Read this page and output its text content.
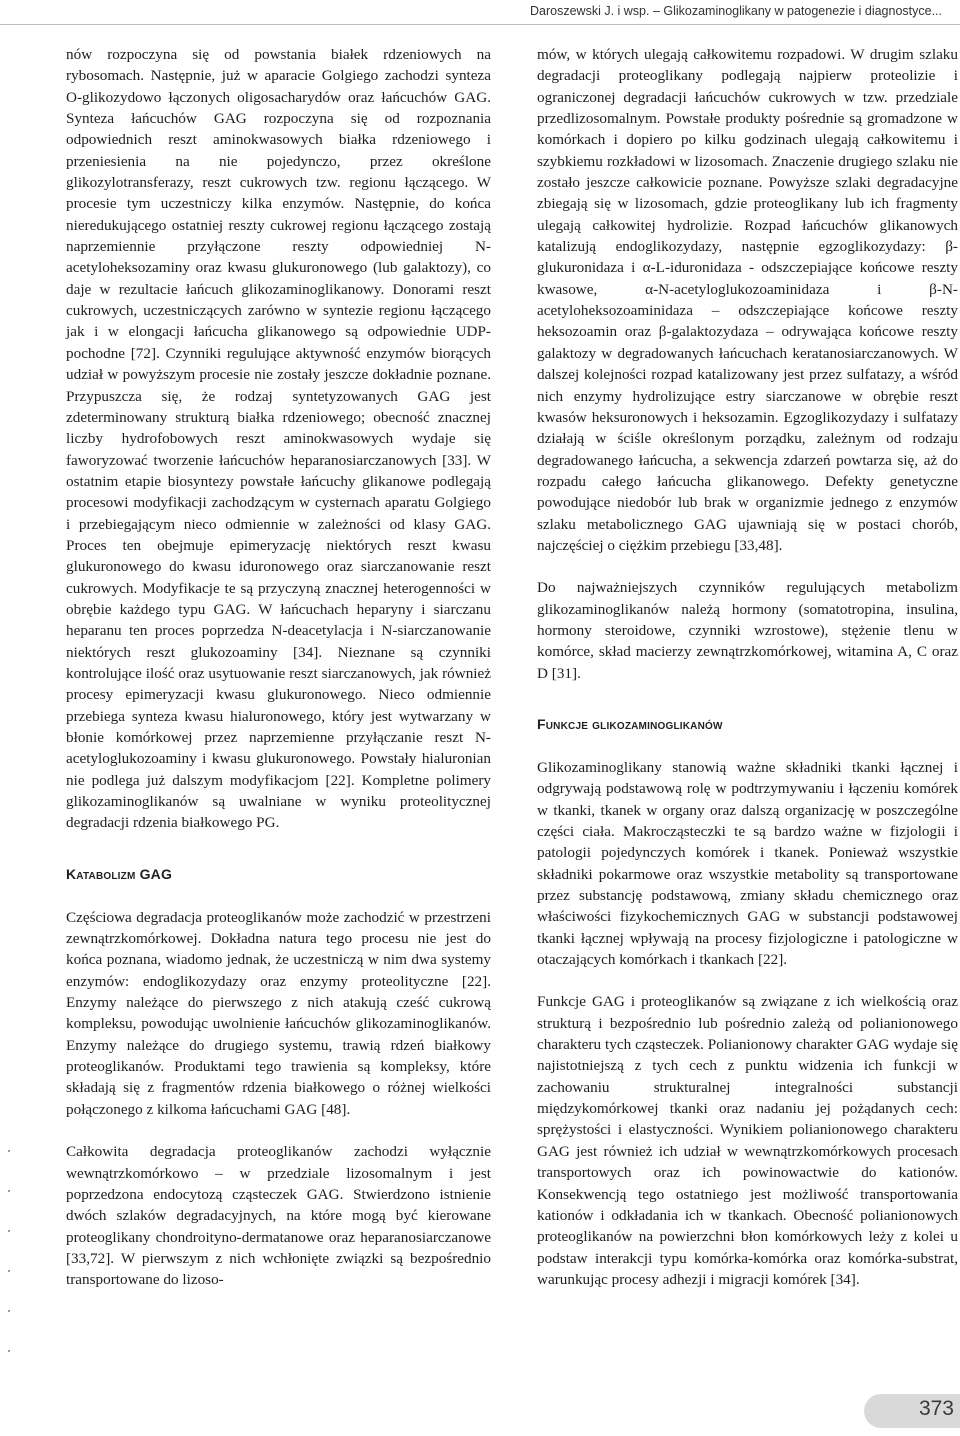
Daroszewski J. i wsp. – Glikozaminoglikany w patogenezie i diagnostyce...

nów rozpoczyna się od powstania białek rdzeniowych na rybosomach. Następnie, już w aparacie Golgiego zachodzi synteza O-glikozydowo łączonych oligosacharydów oraz łańcuchów GAG. Synteza łańcuchów GAG rozpoczyna się od rozpoznania odpowiednich reszt aminokwasowych białka rdzeniowego i przeniesienia na nie pojedynczo, przez określone glikozylotransferazy, reszt cukrowych tzw. regionu łączącego. W procesie tym uczestniczy kilka enzymów. Następnie, do końca nieredukującego ostatniej reszty cukrowej regionu łączącego zostają naprzemiennie przyłączone reszty odpowiedniej N-acetyloheksozaminy oraz kwasu glukuronowego (lub galaktozy), co daje w rezultacie łańcuch glikozaminoglikanowy. Donorami reszt cukrowych, uczestniczących zarówno w syntezie regionu łączącego jak i w elongacji łańcucha glikanowego są odpowiednie UDP-pochodne [72]. Czynniki regulujące aktywność enzymów biorących udział w powyższym procesie nie zostały jeszcze dokładnie poznane. Przypuszcza się, że rodzaj syntetyzowanych GAG jest zdeterminowany strukturą białka rdzeniowego; obecność znacznej liczby hydrofobowych reszt aminokwasowych wydaje się faworyzować tworzenie łańcuchów heparanosiarczanowych [33]. W ostatnim etapie biosyntezy powstałe łańcuchy glikanowe podlegają procesowi modyfikacji zachodzącym w cysternach aparatu Golgiego i przebiegającym nieco odmiennie w zależności od klasy GAG. Proces ten obejmuje epimeryzację niektórych reszt kwasu glukuronowego do kwasu iduronowego oraz siarczanowanie reszt cukrowych. Modyfikacje te są przyczyną znacznej heterogenności w obrębie każdego typu GAG. W łańcuchach heparyny i siarczanu heparanu ten proces poprzedza N-deacetylacja i N-siarczanowanie niektórych reszt glukozoaminy [34]. Nieznane są czynniki kontrolujące ilość oraz usytuowanie reszt siarczanowych, jak również procesy epimeryzacji kwasu glukuronowego. Nieco odmiennie przebiega synteza kwasu hialuronowego, który jest wytwarzany w błonie komórkowej przez naprzemienne przyłączanie reszt N-acetyloglukozoaminy i kwasu glukuronowego. Powstały hialuronian nie podlega już dalszym modyfikacjom [22]. Kompletne polimery glikozaminoglikanów są uwalniane w wyniku proteolitycznej degradacji rdzenia białkowego PG.

Katabolizm GAG

Częściowa degradacja proteoglikanów może zachodzić w przestrzeni zewnątrzkomórkowej. Dokładna natura tego procesu nie jest do końca poznana, wiadomo jednak, że uczestniczą w nim dwa systemy enzymów: endoglikozydazy oraz enzymy proteolityczne [22]. Enzymy należące do pierwszego z nich atakują cześć cukrową kompleksu, powodując uwolnienie łańcuchów glikozaminoglikanów. Enzymy należące do drugiego systemu, trawią rdzeń białkowy proteoglikanów. Produktami tego trawienia są kompleksy, które składają się z fragmentów rdzenia białkowego o różnej wielkości połączonego z kilkoma łańcuchami GAG [48].

Całkowita degradacja proteoglikanów zachodzi wyłącznie wewnątrzkomórkowo – w przedziale lizosomalnym i jest poprzedzona endocytozą cząsteczek GAG. Stwierdzono istnienie dwóch szlaków degradacyjnych, na które mogą być kierowane proteoglikany chondroityno-dermatanowe oraz heparanosiarczanowe [33,72]. W pierwszym z nich wchłonięte związki są bezpośrednio transportowane do lizoso-

mów, w których ulegają całkowitemu rozpadowi. W drugim szlaku degradacji proteoglikany podlegają najpierw proteolizie i ograniczonej degradacji łańcuchów cukrowych w tzw. przedziale przedlizosomalnym. Powstałe produkty pośrednie są gromadzone w komórkach i dopiero po kilku godzinach ulegają całkowitemu i szybkiemu rozkładowi w lizosomach. Znaczenie drugiego szlaku nie zostało jeszcze całkowicie poznane. Powyższe szlaki degradacyjne zbiegają się w lizosomach, gdzie proteoglikany lub ich fragmenty ulegają całkowitej hydrolizie. Rozpad łańcuchów glikanowych katalizują endoglikozydazy, następnie egzoglikozydazy: β-glukuronidaza i α-L-iduronidaza - odszczepiające końcowe reszty kwasowe, α-N-acetyloglukozoaminidaza i β-N-acetyloheksozoaminidaza – odszczepiające końcowe reszty heksozoamin oraz β-galaktozydaza – odrywająca końcowe reszty galaktozy w degradowanych łańcuchach keratanosiarczanowych. W dalszej kolejności rozpad katalizowany jest przez sulfatazy, a wśród nich enzymy hydrolizujące estry siarczanowe w obrębie reszt kwasów heksuronowych i heksozamin. Egzoglikozydazy i sulfatazy działają w ściśle określonym porządku, zależnym od rodzaju degradowanego łańcucha, a sekwencja zdarzeń powtarza się, aż do rozpadu całego łańcucha glikanowego. Defekty genetyczne powodujące niedobór lub brak w organizmie jednego z enzymów szlaku metabolicznego GAG ujawniają się w postaci chorób, najczęściej o ciężkim przebiegu [33,48].

Do najważniejszych czynników regulujących metabolizm glikozaminoglikanów należą hormony (somatotropina, insulina, hormony steroidowe, czynniki wzrostowe), stężenie tlenu w komórce, skład macierzy zewnątrzkomórkowej, witamina A, C oraz D [31].

Funkcje glikozaminoglikanów

Glikozaminoglikany stanowią ważne składniki tkanki łącznej i odgrywają podstawową rolę w podtrzymywaniu i łączeniu komórek w tkanki, tkanek w organy oraz dalszą organizację w poszczególne części ciała. Makrocząsteczki te są bardzo ważne w fizjologii i patologii pojedynczych komórek i tkanek. Ponieważ wszystkie składniki pokarmowe oraz wszystkie metabolity są transportowane przez substancję podstawową, zmiany składu chemicznego oraz właściwości fizykochemicznych GAG w substancji podstawowej tkanki łącznej wpływają na procesy fizjologiczne i patologiczne w otaczających komórkach i tkankach [22].

Funkcje GAG i proteoglikanów są związane z ich wielkością oraz strukturą i bezpośrednio lub pośrednio zależą od polianionowego charakteru tych cząsteczek. Polianionowy charakter GAG wydaje się najistotniejszą z tych cech z punktu widzenia ich funkcji w zachowaniu strukturalnej integralności substancji międzykomórkowej tkanki oraz nadaniu jej pożądanych cech: sprężystości i elastyczności. Wynikiem polianionowego charakteru GAG jest również ich udział w wewnątrzkomórkowych procesach transportowych oraz ich powinowactwie do kationów. Konsekwencją tego ostatniego jest możliwość transportowania kationów i odkładania ich w tkankach. Obecność polianionowych proteoglikanów na powierzchni błon komórkowych leży z kolei u podstaw interakcji typu komórka-komórka oraz komórka-substrat, warunkując procesy adhezji i migracji komórek [34].

373
